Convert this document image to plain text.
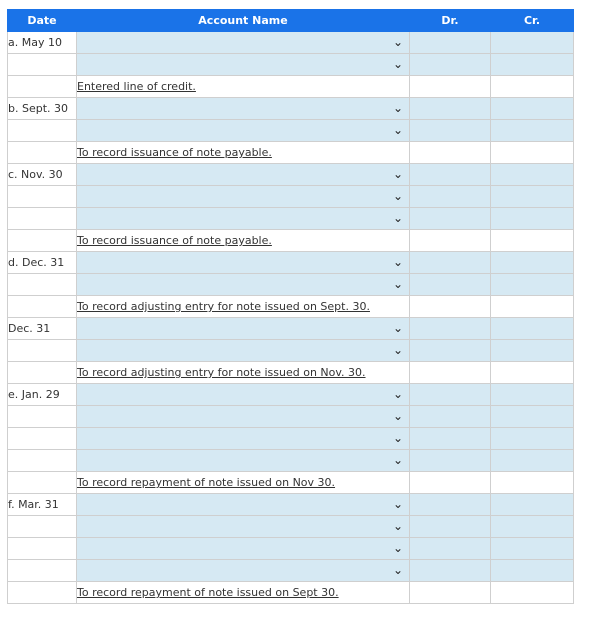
Date	Account Name	Dr.	Cr.
a. May 10	⌄		

	⌄		

	Entered line of credit.		
b. Sept. 30	⌄		

	⌄		

	To record issuance of note payable.		
c. Nov. 30	⌄		

	⌄		

	⌄		

	To record issuance of note payable.		
d. Dec. 31	⌄		

	⌄		

	To record adjusting entry for note issued on Sept. 30.		
Dec. 31	⌄		

	⌄		

	To record adjusting entry for note issued on Nov. 30.		
e. Jan. 29	⌄		

	⌄		

	⌄		

	⌄		

	To record repayment of note issued on Nov 30.		
f. Mar. 31	⌄		

	⌄		

	⌄		

	⌄		

	To record repayment of note issued on Sept 30.		
